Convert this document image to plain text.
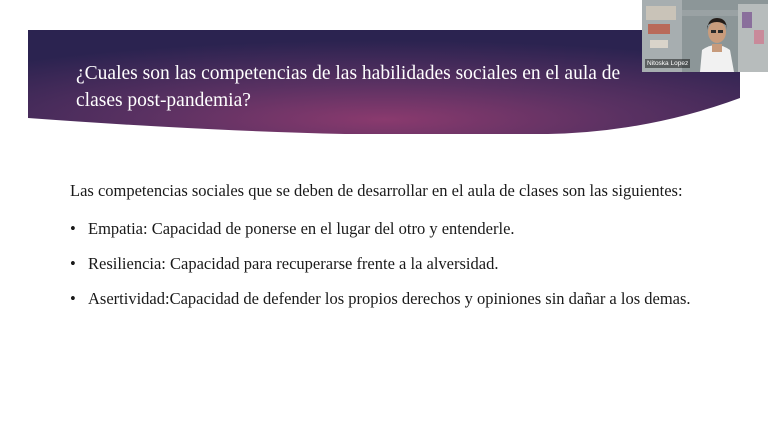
¿Cuales son las competencias de las habilidades sociales en el aula de clases post-pandemia?

Las competencias sociales que se deben de desarrollar en el aula de clases son las siguientes:

• Empatia: Capacidad de ponerse en el lugar del otro y entenderle.
• Resiliencia: Capacidad para recuperarse frente a la alversidad.
• Asertividad:Capacidad de defender los propios derechos y opiniones sin dañar a los demas.
Nitoska Lopez
